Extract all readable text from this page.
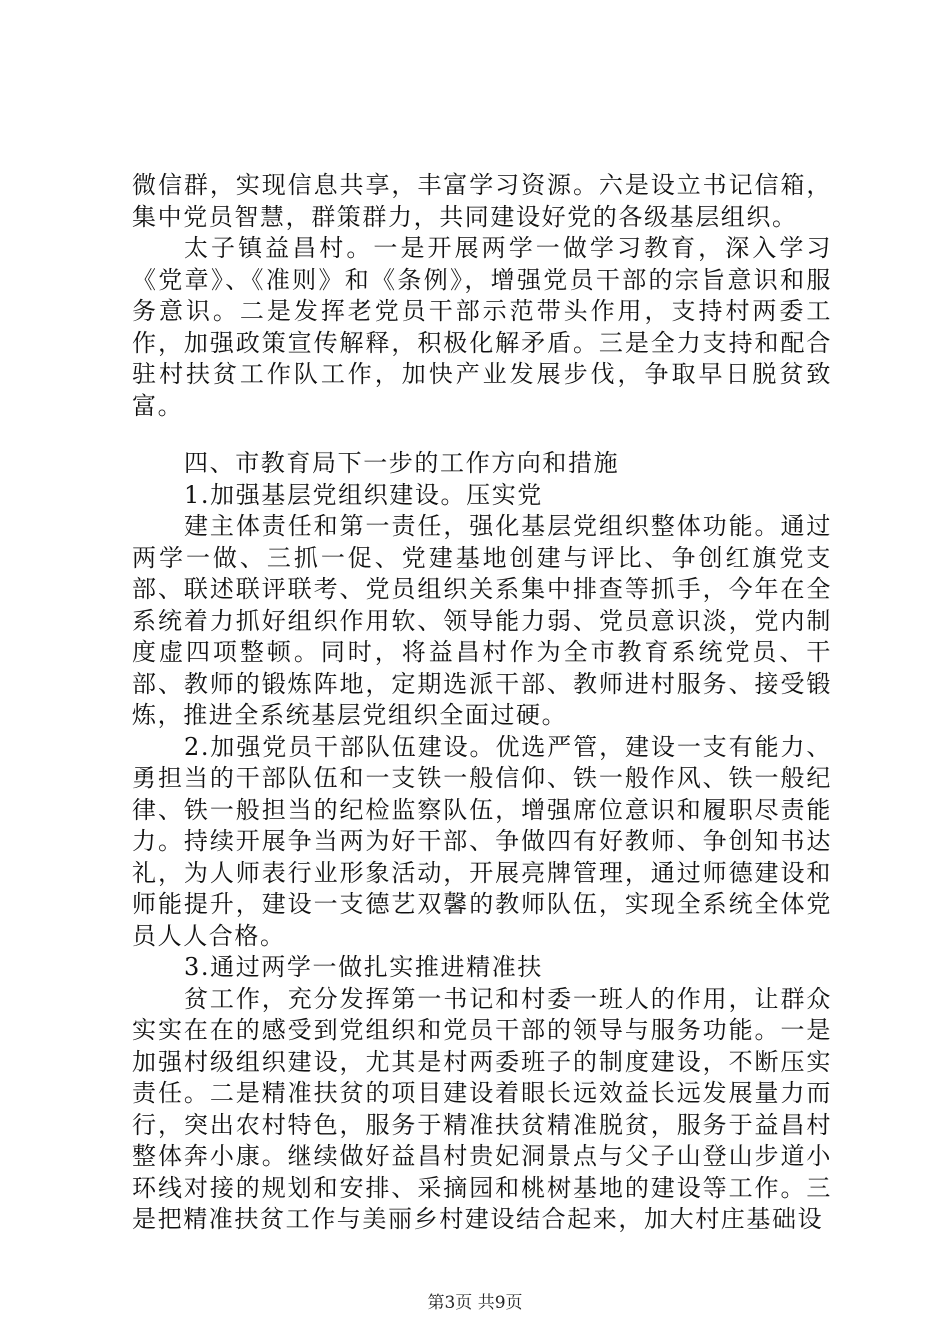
微信群，实现信息共享，丰富学习资源。六是设立书记信箱，集中党员智慧，群策群力，共同建设好党的各级基层组织。

太子镇益昌村。一是开展两学一做学习教育，深入学习《党章》、《准则》和《条例》，增强党员干部的宗旨意识和服务意识。二是发挥老党员干部示范带头作用，支持村两委工作，加强政策宣传解释，积极化解矛盾。三是全力支持和配合驻村扶贫工作队工作，加快产业发展步伐，争取早日脱贫致富。

四、市教育局下一步的工作方向和措施

1.加强基层党组织建设。压实党

建主体责任和第一责任，强化基层党组织整体功能。通过两学一做、三抓一促、党建基地创建与评比、争创红旗党支部、联述联评联考、党员组织关系集中排查等抓手，今年在全系统着力抓好组织作用软、领导能力弱、党员意识淡，党内制度虚四项整顿。同时，将益昌村作为全市教育系统党员、干部、教师的锻炼阵地，定期选派干部、教师进村服务、接受锻炼，推进全系统基层党组织全面过硬。

2.加强党员干部队伍建设。优选严管，建设一支有能力、勇担当的干部队伍和一支铁一般信仰、铁一般作风、铁一般纪律、铁一般担当的纪检监察队伍，增强席位意识和履职尽责能力。持续开展争当两为好干部、争做四有好教师、争创知书达礼，为人师表行业形象活动，开展亮牌管理，通过师德建设和师能提升，建设一支德艺双馨的教师队伍，实现全系统全体党员人人合格。

3.通过两学一做扎实推进精准扶

贫工作，充分发挥第一书记和村委一班人的作用，让群众实实在在的感受到党组织和党员干部的领导与服务功能。一是加强村级组织建设，尤其是村两委班子的制度建设，不断压实责任。二是精准扶贫的项目建设着眼长远效益长远发展量力而行，突出农村特色，服务于精准扶贫精准脱贫，服务于益昌村整体奔小康。继续做好益昌村贵妃洞景点与父子山登山步道小环线对接的规划和安排、采摘园和桃树基地的建设等工作。三是把精准扶贫工作与美丽乡村建设结合起来，加大村庄基础设

第3页 共9页
